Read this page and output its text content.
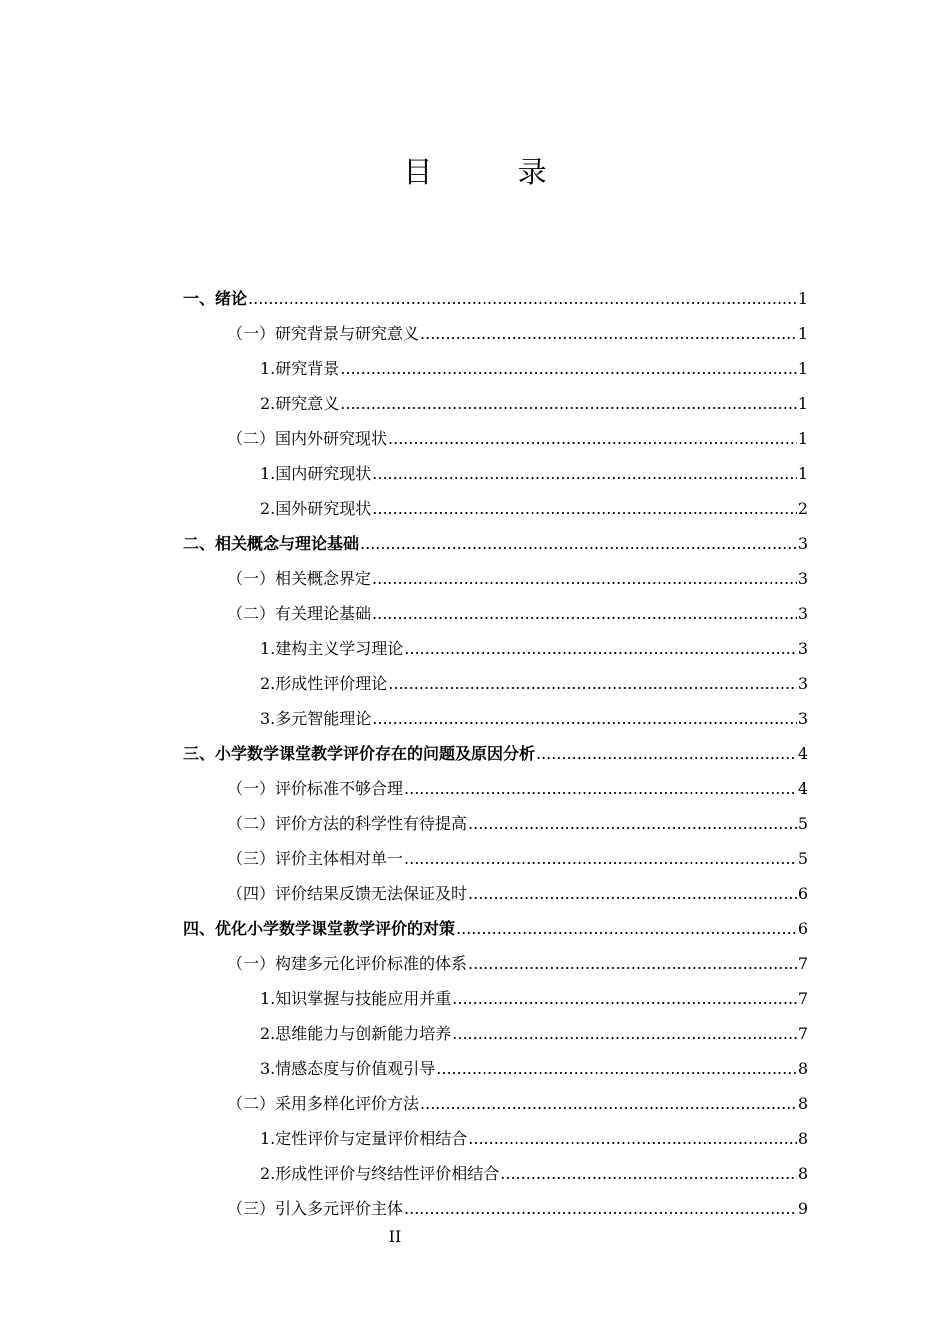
目 录
一、绪论 .....	1
（一）研究背景与研究意义 .....	1
1.研究背景 .....	1
2.研究意义 .....	1
（二）国内外研究现状 .....	1
1.国内研究现状 .....	1
2.国外研究现状 .....	2
二、相关概念与理论基础 .....	3
（一）相关概念界定 .....	3
（二）有关理论基础 .....	3
1.建构主义学习理论 .....	3
2.形成性评价理论 .....	3
3.多元智能理论 .....	3
三、小学数学课堂教学评价存在的问题及原因分析 .....	4
（一）评价标准不够合理 .....	4
（二）评价方法的科学性有待提高 .....	5
（三）评价主体相对单一 .....	5
（四）评价结果反馈无法保证及时 .....	6
四、优化小学数学课堂教学评价的对策 .....	6
（一）构建多元化评价标准的体系 .....	7
1.知识掌握与技能应用并重 .....	7
2.思维能力与创新能力培养 .....	7
3.情感态度与价值观引导 .....	8
（二）采用多样化评价方法 .....	8
1.定性评价与定量评价相结合 .....	8
2.形成性评价与终结性评价相结合 .....	8
（三）引入多元评价主体 .....	9
II
